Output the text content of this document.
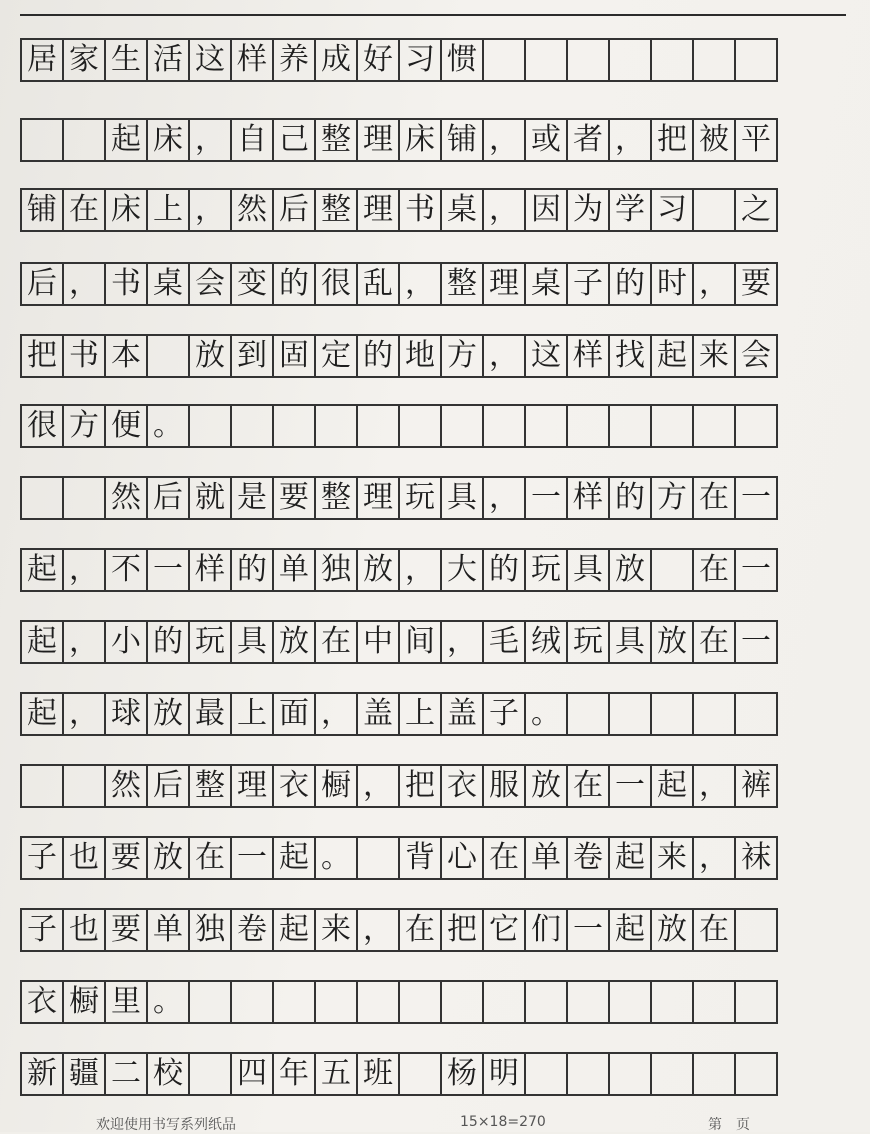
居 家 生 活 这 样 养 成 好 习 惯
起 床 ， 自 己 整 理 床 铺 ， 或 者 ， 把 被 平
铺 在 床 上 ， 然 后 整 理 书 桌 ， 因 为 学 习 之
后 ， 书 桌 会 变 的 很 乱 ， 整 理 桌 子 的 时 ， 要
把 书 本 放 到 固 定 的 地 方 ， 这 样 找 起 来 会
很 方 便 。
然 后 就 是 要 整 理 玩 具 ， 一 样 的 方 在 一
起 ， 不 一 样 的 单 独 放 ， 大 的 玩 具 放 在 一
起 ， 小 的 玩 具 放 在 中 间 ， 毛 绒 玩 具 放 在 一
起 ， 球 放 最 上 面 ， 盖 上 盖 子 。
然 后 整 理 衣 橱 ， 把 衣 服 放 在 一 起 ， 裤
子 也 要 放 在 一 起 。 背 心 在 单 卷 起 来 ， 袜
子 也 要 单 独 卷 起 来 ， 在 把 它 们 一 起 放 在
衣 橱 里 。
新 疆 二 校 四 年 五 班 杨 明
欢迎使用书写系列纸品	15×18=270	第　页
